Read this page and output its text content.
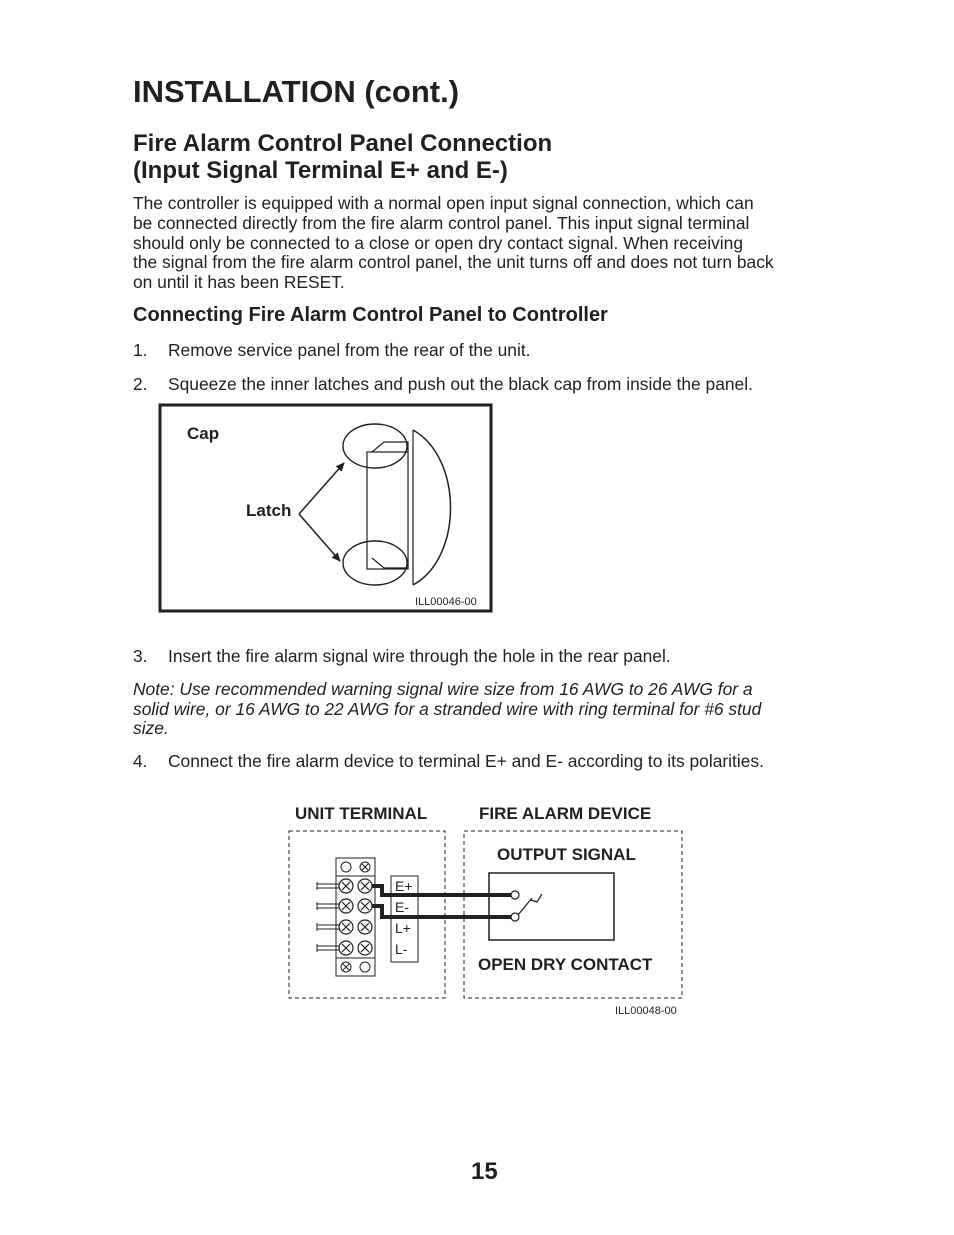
INSTALLATION (cont.)
Fire Alarm Control Panel Connection
(Input Signal Terminal E+ and E-)

The controller is equipped with a normal open input signal connection, which can
be connected directly from the fire alarm control panel. This input signal terminal
should only be connected to a close or open dry contact signal. When receiving
the signal from the fire alarm control panel, the unit turns off and does not turn back
on until it has been RESET.

Connecting Fire Alarm Control Panel to Controller
1. Remove service panel from the rear of the unit.
2. Squeeze the inner latches and push out the black cap from inside the panel.
Cap
Latch
ILL00046-00
3. Insert the fire alarm signal wire through the hole in the rear panel.

Note: Use recommended warning signal wire size from 16 AWG to 26 AWG for a
solid wire, or 16 AWG to 22 AWG for a stranded wire with ring terminal for #6 stud
size.

4. Connect the fire alarm device to terminal E+ and E- according to its polarities.
UNIT TERMINAL	FIRE ALARM DEVICE
E+
E-
L+
L-
OUTPUT SIGNAL
OPEN DRY CONTACT
ILL00048-00
15
